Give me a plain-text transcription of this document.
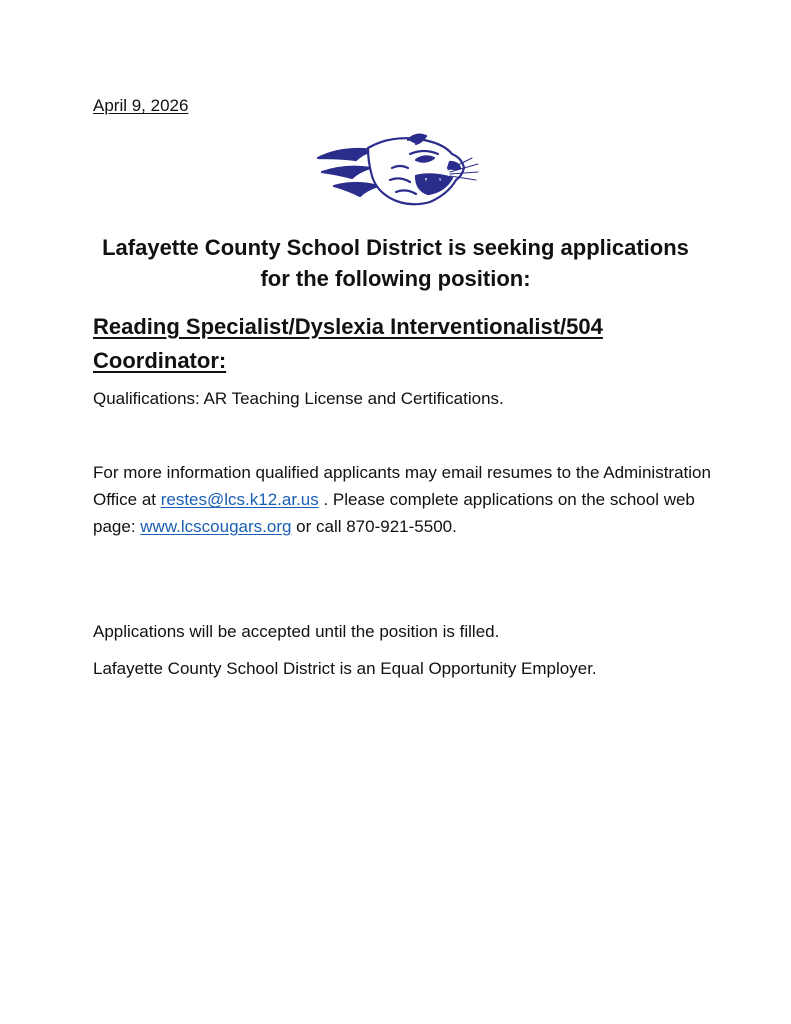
April 9, 2026
Lafayette County School District is seeking applications
for the following position:
Reading Specialist/Dyslexia Interventionalist/504 Coordinator:
Qualifications: AR Teaching License and Certifications.
For more information qualified applicants may email resumes to the Administration Office at restes@lcs.k12.ar.us . Please complete applications on the school web page: www.lcscougars.org or call 870-921-5500.
Applications will be accepted until the position is filled.
Lafayette County School District is an Equal Opportunity Employer.
